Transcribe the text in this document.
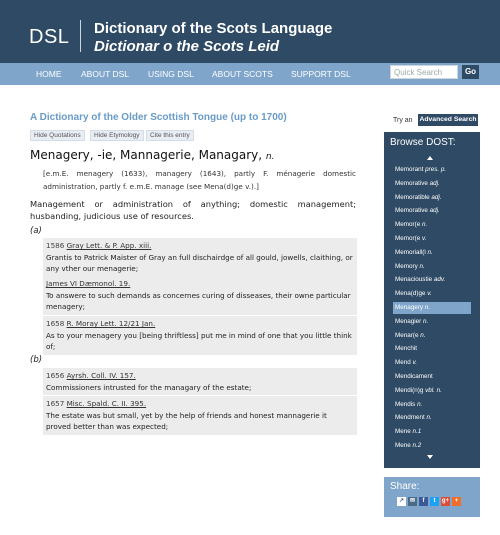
DSL Dictionary of the Scots Language
Dictionar o the Scots Leid
HOME ABOUT DSL USING DSL ABOUT SCOTS SUPPORT DSL	Quick Search	Go
A Dictionary of the Older Scottish Tongue (up to 1700)
Hide Quotations	Hide Etymology	Cite this entry
Menagery, -ie, Mannagerie, Managary, n.
[e.m.E. menagery (1633), managery (1643), partly F. ménagerie domestic administration, partly f. e.m.E. manage (see Mena(d)ge v.).]
Management or administration of anything; domestic management; husbanding, judicious use of resources.
(a)
1586 Gray Lett. & P. App. xiii.
Grantis to Patrick Maister of Gray an full dischairdge of all gould, jowells, claithing, or any vther our menagerie;
James VI Dæmonol. 19.
To answere to such demands as concernes curing of disseases, their owne particular menagery;
1658 R. Moray Lett. 12/21 Jan.
As to your menagery you [being thriftless] put me in mind of one that you little think of;
(b)
1656 Ayrsh. Coll. IV. 157.
Commissioners intrusted for the managary of the estate;
1657 Misc. Spald. C. II. 395.
The estate was but small, yet by the help of friends and honest mannagerie it proved better than was expected;
Try an Advanced Search
Browse DOST:
Memorant pres. p.
Memorative adj.
Memoratible adj.
Memorative adj.
Memor(e n.
Memor(e v.
Memoriall(l n.
Memory n.
Menacioustie adv.
Mena(d)ge v.
Menagery n.
Menagier n.
Menar(e n.
Menchit
Mend v.
Mendicament
Mendi(n)g vbl. n.
Mendis n.
Mendment n.
Mene n.1
Mene n.2
Share:
↗ ✉	f	t	g+ +
